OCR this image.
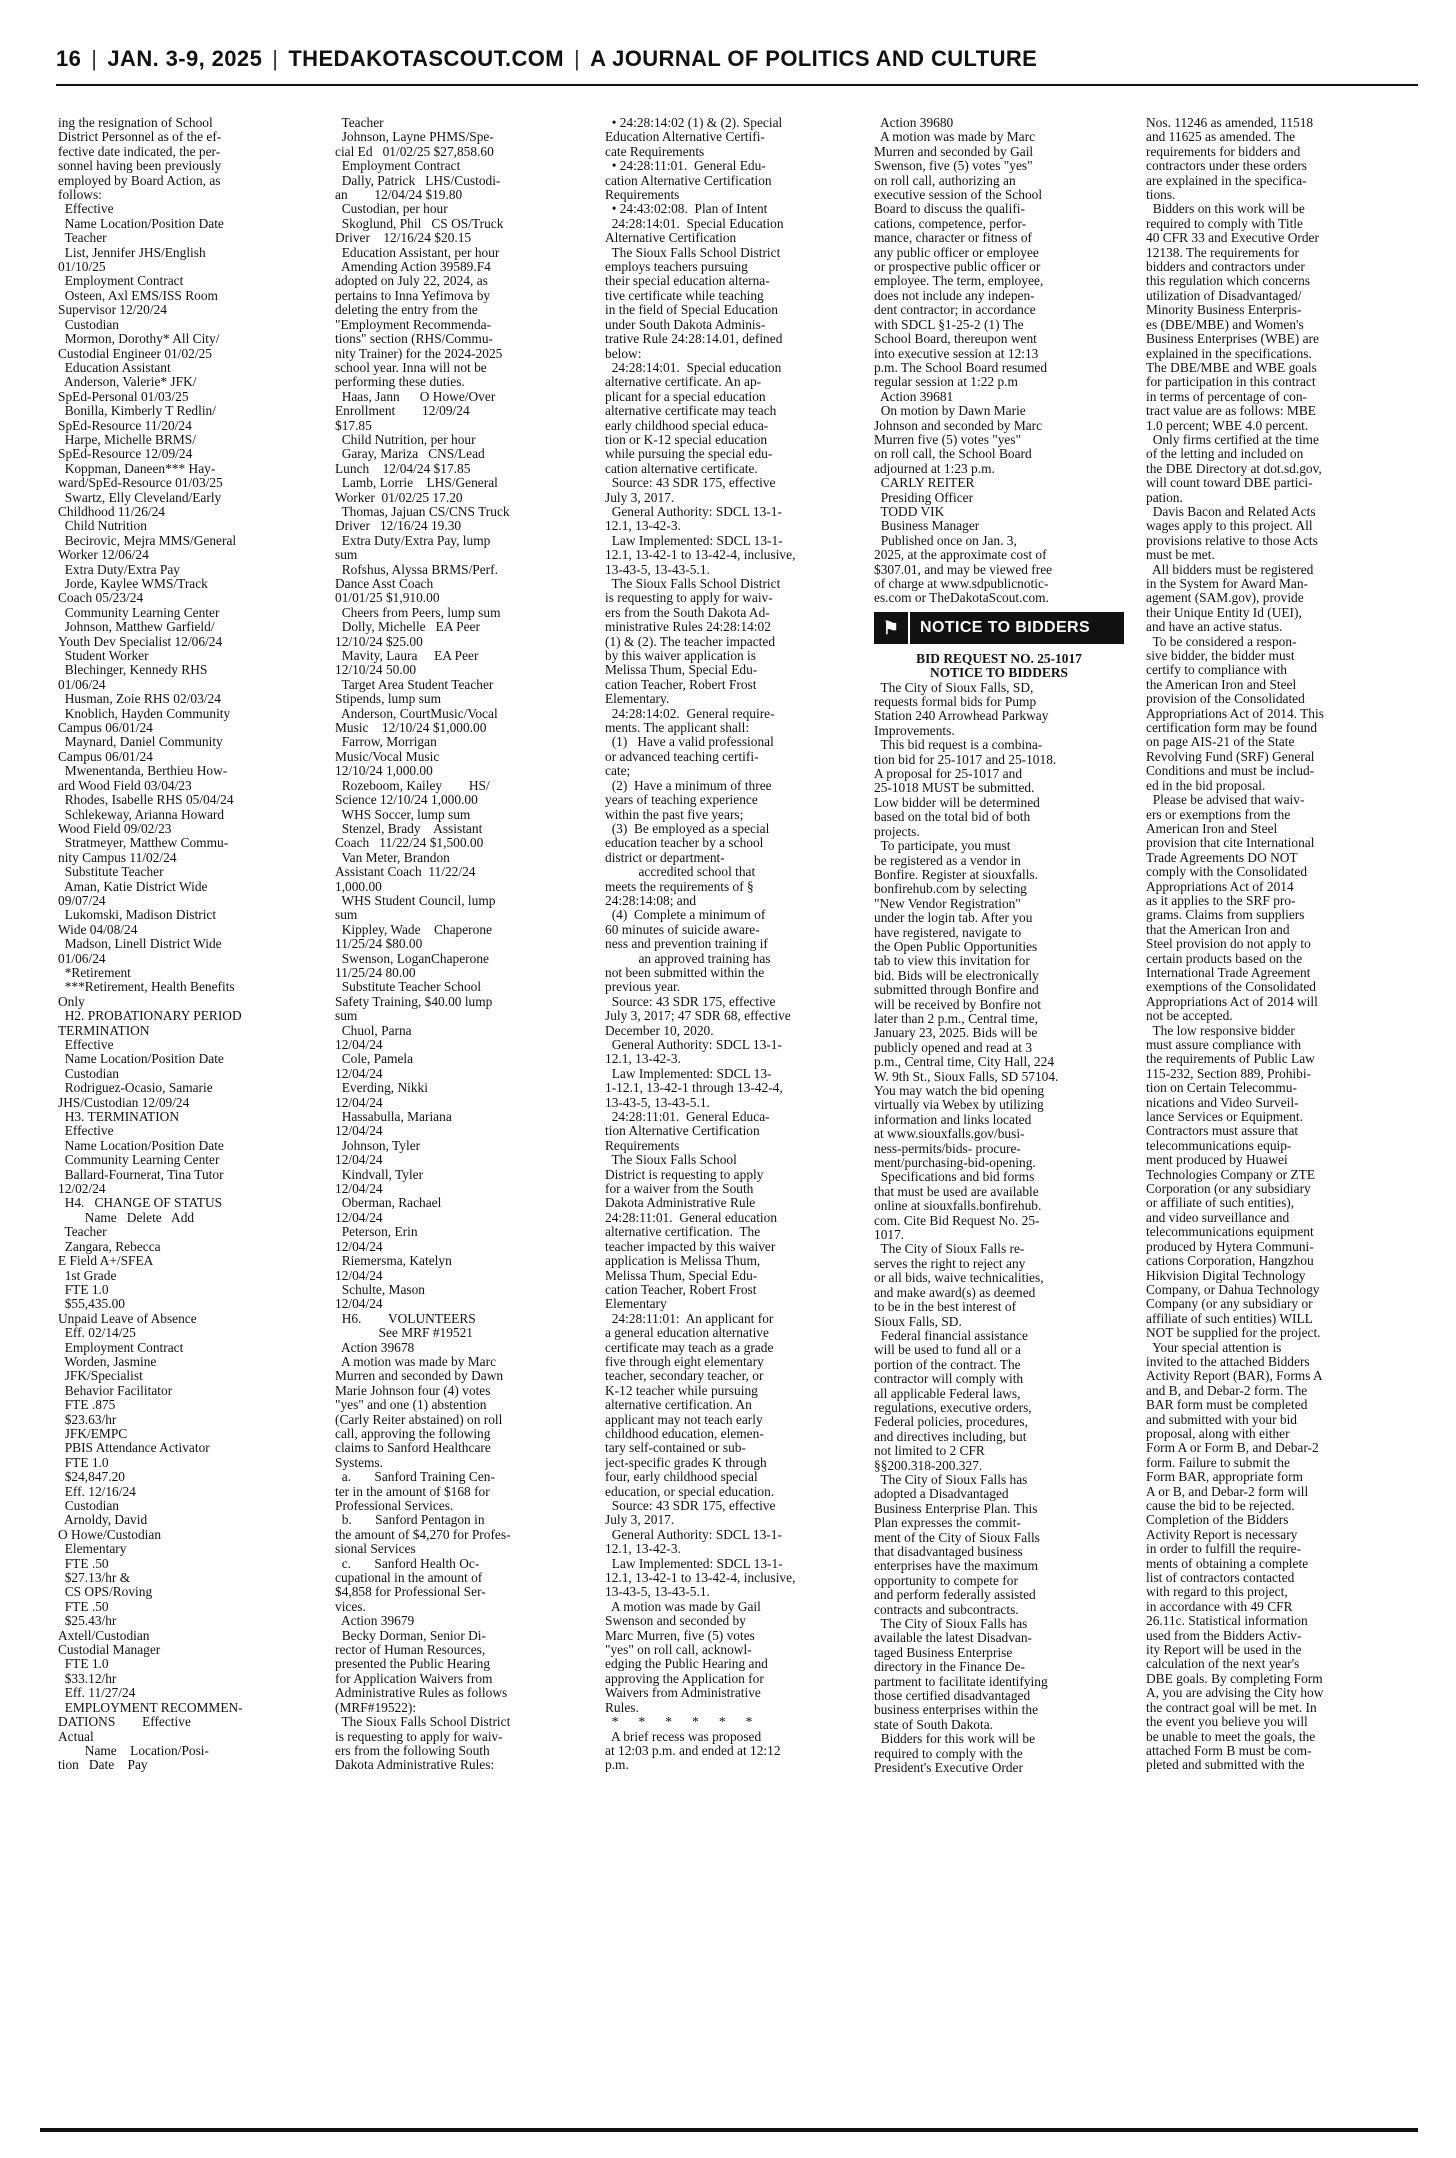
16 | JAN. 3-9, 2025 | THEDAKOTASCOUT.COM | A JOURNAL OF POLITICS AND CULTURE
ing the resignation of School
District Personnel as of the ef-
fective date indicated, the per-
sonnel having been previously
employed by Board Action, as
follows:
Effective
Name Location/Position Date
Teacher
List, Jennifer JHS/English
01/10/25
Employment Contract
Osteen, Axl EMS/ISS Room
Supervisor 12/20/24
Custodian
Mormon, Dorothy* All City/
Custodial Engineer 01/02/25
Education Assistant
Anderson, Valerie* JFK/
SpEd-Personal 01/03/25
Bonilla, Kimberly T Redlin/
SpEd-Resource 11/20/24
Harpe, Michelle BRMS/
SpEd-Resource 12/09/24
Koppman, Daneen*** Hay-
ward/SpEd-Resource 01/03/25
Swartz, Elly Cleveland/Early
Childhood 11/26/24
Child Nutrition
Becirovic, Mejra MMS/General
Worker 12/06/24
Extra Duty/Extra Pay
Jorde, Kaylee WMS/Track
Coach 05/23/24
Community Learning Center
Johnson, Matthew Garfield/
Youth Dev Specialist 12/06/24
Student Worker
Blechinger, Kennedy RHS
01/06/24
Husman, Zoie RHS 02/03/24
Knoblich, Hayden Community
Campus 06/01/24
Maynard, Daniel Community
Campus 06/01/24
Mwenentanda, Berthieu How-
ard Wood Field 03/04/23
Rhodes, Isabelle RHS 05/04/24
Schlekeway, Arianna Howard
Wood Field 09/02/23
Stratmeyer, Matthew Commu-
nity Campus 11/02/24
Substitute Teacher
Aman, Katie District Wide
09/07/24
Lukomski, Madison District
Wide 04/08/24
Madson, Linell District Wide
01/06/24
*Retirement
***Retirement, Health Benefits
Only
H2. PROBATIONARY PERIOD
TERMINATION
Effective
Name Location/Position Date
Custodian
Rodriguez-Ocasio, Samarie
JHS/Custodian 12/09/24
H3. TERMINATION
Effective
Name Location/Position Date
Community Learning Center
Ballard-Fournerat, Tina Tutor
12/02/24
H4.   CHANGE OF STATUS
Name   Delete   Add
Teacher
Zangara, Rebecca
E Field A+/SFEA
1st Grade
FTE 1.0
$55,435.00
Unpaid Leave of Absence
Eff. 02/14/25
Employment Contract
Worden, Jasmine
JFK/Specialist
Behavior Facilitator
FTE .875
$23.63/hr
JFK/EMPC
PBIS Attendance Activator
FTE 1.0
$24,847.20
Eff. 12/16/24
Custodian
Arnoldy, David
O Howe/Custodian
Elementary
FTE .50
$27.13/hr &
CS OPS/Roving
FTE .50
$25.43/hr
Axtell/Custodian
Custodial Manager
FTE 1.0
$33.12/hr
Eff. 11/27/24
EMPLOYMENT RECOMMEN-
DATIONS        Effective
Actual
Name    Location/Posi-
tion   Date    Pay
Teacher
Johnson, Layne PHMS/Spe-
cial Ed   01/02/25 $27,858.60
Employment Contract
Dally, Patrick   LHS/Custodi-
an        12/04/24 $19.80
Custodian, per hour
Skoglund, Phil   CS OS/Truck
Driver    12/16/24 $20.15
Education Assistant, per hour
Amending Action 39589.F4
adopted on July 22, 2024, as
pertains to Inna Yefimova by
deleting the entry from the
"Employment Recommenda-
tions" section (RHS/Commu-
nity Trainer) for the 2024-2025
school year. Inna will not be
performing these duties.
Haas, Jann      O Howe/Over
Enrollment        12/09/24
$17.85
Child Nutrition, per hour
Garay, Mariza   CNS/Lead
Lunch    12/04/24 $17.85
Lamb, Lorrie    LHS/General
Worker  01/02/25 17.20
Thomas, Jajuan CS/CNS Truck
Driver   12/16/24 19.30
Extra Duty/Extra Pay, lump
sum
Rofshus, Alyssa BRMS/Perf.
Dance Asst Coach
01/01/25 $1,910.00
Cheers from Peers, lump sum
Dolly, Michelle   EA Peer
12/10/24 $25.00
Mavity, Laura     EA Peer
12/10/24 50.00
Target Area Student Teacher
Stipends, lump sum
Anderson, CourtMusic/Vocal
Music    12/10/24 $1,000.00
Farrow, Morrigan
Music/Vocal Music
12/10/24 1,000.00
Rozeboom, Kailey        HS/
Science 12/10/24 1,000.00
WHS Soccer, lump sum
Stenzel, Brady    Assistant
Coach   11/22/24 $1,500.00
Van Meter, Brandon
Assistant Coach  11/22/24
1,000.00
WHS Student Council, lump
sum
Kippley, Wade    Chaperone
11/25/24 $80.00
Swenson, LoganChaperone
11/25/24 80.00
Substitute Teacher School
Safety Training, $40.00 lump
sum
Chuol, Parna
12/04/24
Cole, Pamela
12/04/24
Everding, Nikki
12/04/24
Hassabulla, Mariana
12/04/24
Johnson, Tyler
12/04/24
Kindvall, Tyler
12/04/24
Oberman, Rachael
12/04/24
Peterson, Erin
12/04/24
Riemersma, Katelyn
12/04/24
Schulte, Mason
12/04/24
H6.        VOLUNTEERS
See MRF #19521
Action 39678
A motion was made by Marc
Murren and seconded by Dawn
Marie Johnson four (4) votes
"yes" and one (1) abstention
(Carly Reiter abstained) on roll
call, approving the following
claims to Sanford Healthcare
Systems.
a.       Sanford Training Cen-
ter in the amount of $168 for
Professional Services.
b.       Sanford Pentagon in
the amount of $4,270 for Profes-
sional Services
c.       Sanford Health Oc-
cupational in the amount of
$4,858 for Professional Ser-
vices.
Action 39679
Becky Dorman, Senior Di-
rector of Human Resources,
presented the Public Hearing
for Application Waivers from
Administrative Rules as follows
(MRF#19522):
The Sioux Falls School District
is requesting to apply for waiv-
ers from the following South
Dakota Administrative Rules:
• 24:28:14:02 (1) & (2). Special
Education Alternative Certifi-
cate Requirements
• 24:28:11:01.  General Edu-
cation Alternative Certification
Requirements
• 24:43:02:08.  Plan of Intent
24:28:14:01.  Special Education
Alternative Certification
The Sioux Falls School District
employs teachers pursuing
their special education alterna-
tive certificate while teaching
in the field of Special Education
under South Dakota Adminis-
trative Rule 24:28:14.01, defined
below:
24:28:14:01.  Special education
alternative certificate. An ap-
plicant for a special education
alternative certificate may teach
early childhood special educa-
tion or K-12 special education
while pursuing the special edu-
cation alternative certificate.
Source: 43 SDR 175, effective
July 3, 2017.
General Authority: SDCL 13-1-
12.1, 13-42-3.
Law Implemented: SDCL 13-1-
12.1, 13-42-1 to 13-42-4, inclusive,
13-43-5, 13-43-5.1.
The Sioux Falls School District
is requesting to apply for waiv-
ers from the South Dakota Ad-
ministrative Rules 24:28:14:02
(1) & (2). The teacher impacted
by this waiver application is
Melissa Thum, Special Edu-
cation Teacher, Robert Frost
Elementary.
24:28:14:02.  General require-
ments. The applicant shall:
(1)   Have a valid professional
or advanced teaching certifi-
cate;
(2)  Have a minimum of three
years of teaching experience
within the past five years;
(3)  Be employed as a special
education teacher by a school
district or department-
accredited school that
meets the requirements of §
24:28:14:08; and
(4)  Complete a minimum of
60 minutes of suicide aware-
ness and prevention training if
an approved training has
not been submitted within the
previous year.
Source: 43 SDR 175, effective
July 3, 2017; 47 SDR 68, effective
December 10, 2020.
General Authority: SDCL 13-1-
12.1, 13-42-3.
Law Implemented: SDCL 13-
1-12.1, 13-42-1 through 13-42-4,
13-43-5, 13-43-5.1.
24:28:11:01.  General Educa-
tion Alternative Certification
Requirements
The Sioux Falls School
District is requesting to apply
for a waiver from the South
Dakota Administrative Rule
24:28:11:01.  General education
alternative certification.  The
teacher impacted by this waiver
application is Melissa Thum,
Melissa Thum, Special Edu-
cation Teacher, Robert Frost
Elementary
24:28:11:01:  An applicant for
a general education alternative
certificate may teach as a grade
five through eight elementary
teacher, secondary teacher, or
K-12 teacher while pursuing
alternative certification. An
applicant may not teach early
childhood education, elemen-
tary self-contained or sub-
ject-specific grades K through
four, early childhood special
education, or special education.
Source: 43 SDR 175, effective
July 3, 2017.
General Authority: SDCL 13-1-
12.1, 13-42-3.
Law Implemented: SDCL 13-1-
12.1, 13-42-1 to 13-42-4, inclusive,
13-43-5, 13-43-5.1.
A motion was made by Gail
Swenson and seconded by
Marc Murren, five (5) votes
"yes" on roll call, acknowl-
edging the Public Hearing and
approving the Application for
Waivers from Administrative
Rules.
*      *      *      *      *      *
A brief recess was proposed
at 12:03 p.m. and ended at 12:12
p.m.
Action 39680
A motion was made by Marc
Murren and seconded by Gail
Swenson, five (5) votes "yes"
on roll call, authorizing an
executive session of the School
Board to discuss the qualifi-
cations, competence, perfor-
mance, character or fitness of
any public officer or employee
or prospective public officer or
employee. The term, employee,
does not include any indepen-
dent contractor; in accordance
with SDCL §1-25-2 (1) The
School Board, thereupon went
into executive session at 12:13
p.m. The School Board resumed
regular session at 1:22 p.m
Action 39681
On motion by Dawn Marie
Johnson and seconded by Marc
Murren five (5) votes "yes"
on roll call, the School Board
adjourned at 1:23 p.m.
CARLY REITER
Presiding Officer
TODD VIK
Business Manager
Published once on Jan. 3,
2025, at the approximate cost of
$307.01, and may be viewed free
of charge at www.sdpublicnotic-
es.com or TheDakotaScout.com.
⚑	NOTICE TO BIDDERS
BID REQUEST NO. 25-1017
NOTICE TO BIDDERS
The City of Sioux Falls, SD,
requests formal bids for Pump
Station 240 Arrowhead Parkway
Improvements.
This bid request is a combina-
tion bid for 25-1017 and 25-1018.
A proposal for 25-1017 and
25-1018 MUST be submitted.
Low bidder will be determined
based on the total bid of both
projects.
To participate, you must
be registered as a vendor in
Bonfire. Register at siouxfalls.
bonfirehub.com by selecting
"New Vendor Registration"
under the login tab. After you
have registered, navigate to
the Open Public Opportunities
tab to view this invitation for
bid. Bids will be electronically
submitted through Bonfire and
will be received by Bonfire not
later than 2 p.m., Central time,
January 23, 2025. Bids will be
publicly opened and read at 3
p.m., Central time, City Hall, 224
W. 9th St., Sioux Falls, SD 57104.
You may watch the bid opening
virtually via Webex by utilizing
information and links located
at www.siouxfalls.gov/busi-
ness-permits/bids- procure-
ment/purchasing-bid-opening.
Specifications and bid forms
that must be used are available
online at siouxfalls.bonfirehub.
com. Cite Bid Request No. 25-
1017.
The City of Sioux Falls re-
serves the right to reject any
or all bids, waive technicalities,
and make award(s) as deemed
to be in the best interest of
Sioux Falls, SD.
Federal financial assistance
will be used to fund all or a
portion of the contract. The
contractor will comply with
all applicable Federal laws,
regulations, executive orders,
Federal policies, procedures,
and directives including, but
not limited to 2 CFR
§§200.318-200.327.
The City of Sioux Falls has
adopted a Disadvantaged
Business Enterprise Plan. This
Plan expresses the commit-
ment of the City of Sioux Falls
that disadvantaged business
enterprises have the maximum
opportunity to compete for
and perform federally assisted
contracts and subcontracts.
The City of Sioux Falls has
available the latest Disadvan-
taged Business Enterprise
directory in the Finance De-
partment to facilitate identifying
those certified disadvantaged
business enterprises within the
state of South Dakota.
Bidders for this work will be
required to comply with the
President's Executive Order
Nos. 11246 as amended, 11518
and 11625 as amended. The
requirements for bidders and
contractors under these orders
are explained in the specifica-
tions.
Bidders on this work will be
required to comply with Title
40 CFR 33 and Executive Order
12138. The requirements for
bidders and contractors under
this regulation which concerns
utilization of Disadvantaged/
Minority Business Enterpris-
es (DBE/MBE) and Women's
Business Enterprises (WBE) are
explained in the specifications.
The DBE/MBE and WBE goals
for participation in this contract
in terms of percentage of con-
tract value are as follows: MBE
1.0 percent; WBE 4.0 percent.
Only firms certified at the time
of the letting and included on
the DBE Directory at dot.sd.gov,
will count toward DBE partici-
pation.
Davis Bacon and Related Acts
wages apply to this project. All
provisions relative to those Acts
must be met.
All bidders must be registered
in the System for Award Man-
agement (SAM.gov), provide
their Unique Entity Id (UEI),
and have an active status.
To be considered a respon-
sive bidder, the bidder must
certify to compliance with
the American Iron and Steel
provision of the Consolidated
Appropriations Act of 2014. This
certification form may be found
on page AIS-21 of the State
Revolving Fund (SRF) General
Conditions and must be includ-
ed in the bid proposal.
Please be advised that waiv-
ers or exemptions from the
American Iron and Steel
provision that cite International
Trade Agreements DO NOT
comply with the Consolidated
Appropriations Act of 2014
as it applies to the SRF pro-
grams. Claims from suppliers
that the American Iron and
Steel provision do not apply to
certain products based on the
International Trade Agreement
exemptions of the Consolidated
Appropriations Act of 2014 will
not be accepted.
The low responsive bidder
must assure compliance with
the requirements of Public Law
115-232, Section 889, Prohibi-
tion on Certain Telecommu-
nications and Video Surveil-
lance Services or Equipment.
Contractors must assure that
telecommunications equip-
ment produced by Huawei
Technologies Company or ZTE
Corporation (or any subsidiary
or affiliate of such entities),
and video surveillance and
telecommunications equipment
produced by Hytera Communi-
cations Corporation, Hangzhou
Hikvision Digital Technology
Company, or Dahua Technology
Company (or any subsidiary or
affiliate of such entities) WILL
NOT be supplied for the project.
Your special attention is
invited to the attached Bidders
Activity Report (BAR), Forms A
and B, and Debar-2 form. The
BAR form must be completed
and submitted with your bid
proposal, along with either
Form A or Form B, and Debar-2
form. Failure to submit the
Form BAR, appropriate form
A or B, and Debar-2 form will
cause the bid to be rejected.
Completion of the Bidders
Activity Report is necessary
in order to fulfill the require-
ments of obtaining a complete
list of contractors contacted
with regard to this project,
in accordance with 49 CFR
26.11c. Statistical information
used from the Bidders Activ-
ity Report will be used in the
calculation of the next year's
DBE goals. By completing Form
A, you are advising the City how
the contract goal will be met. In
the event you believe you will
be unable to meet the goals, the
attached Form B must be com-
pleted and submitted with the
